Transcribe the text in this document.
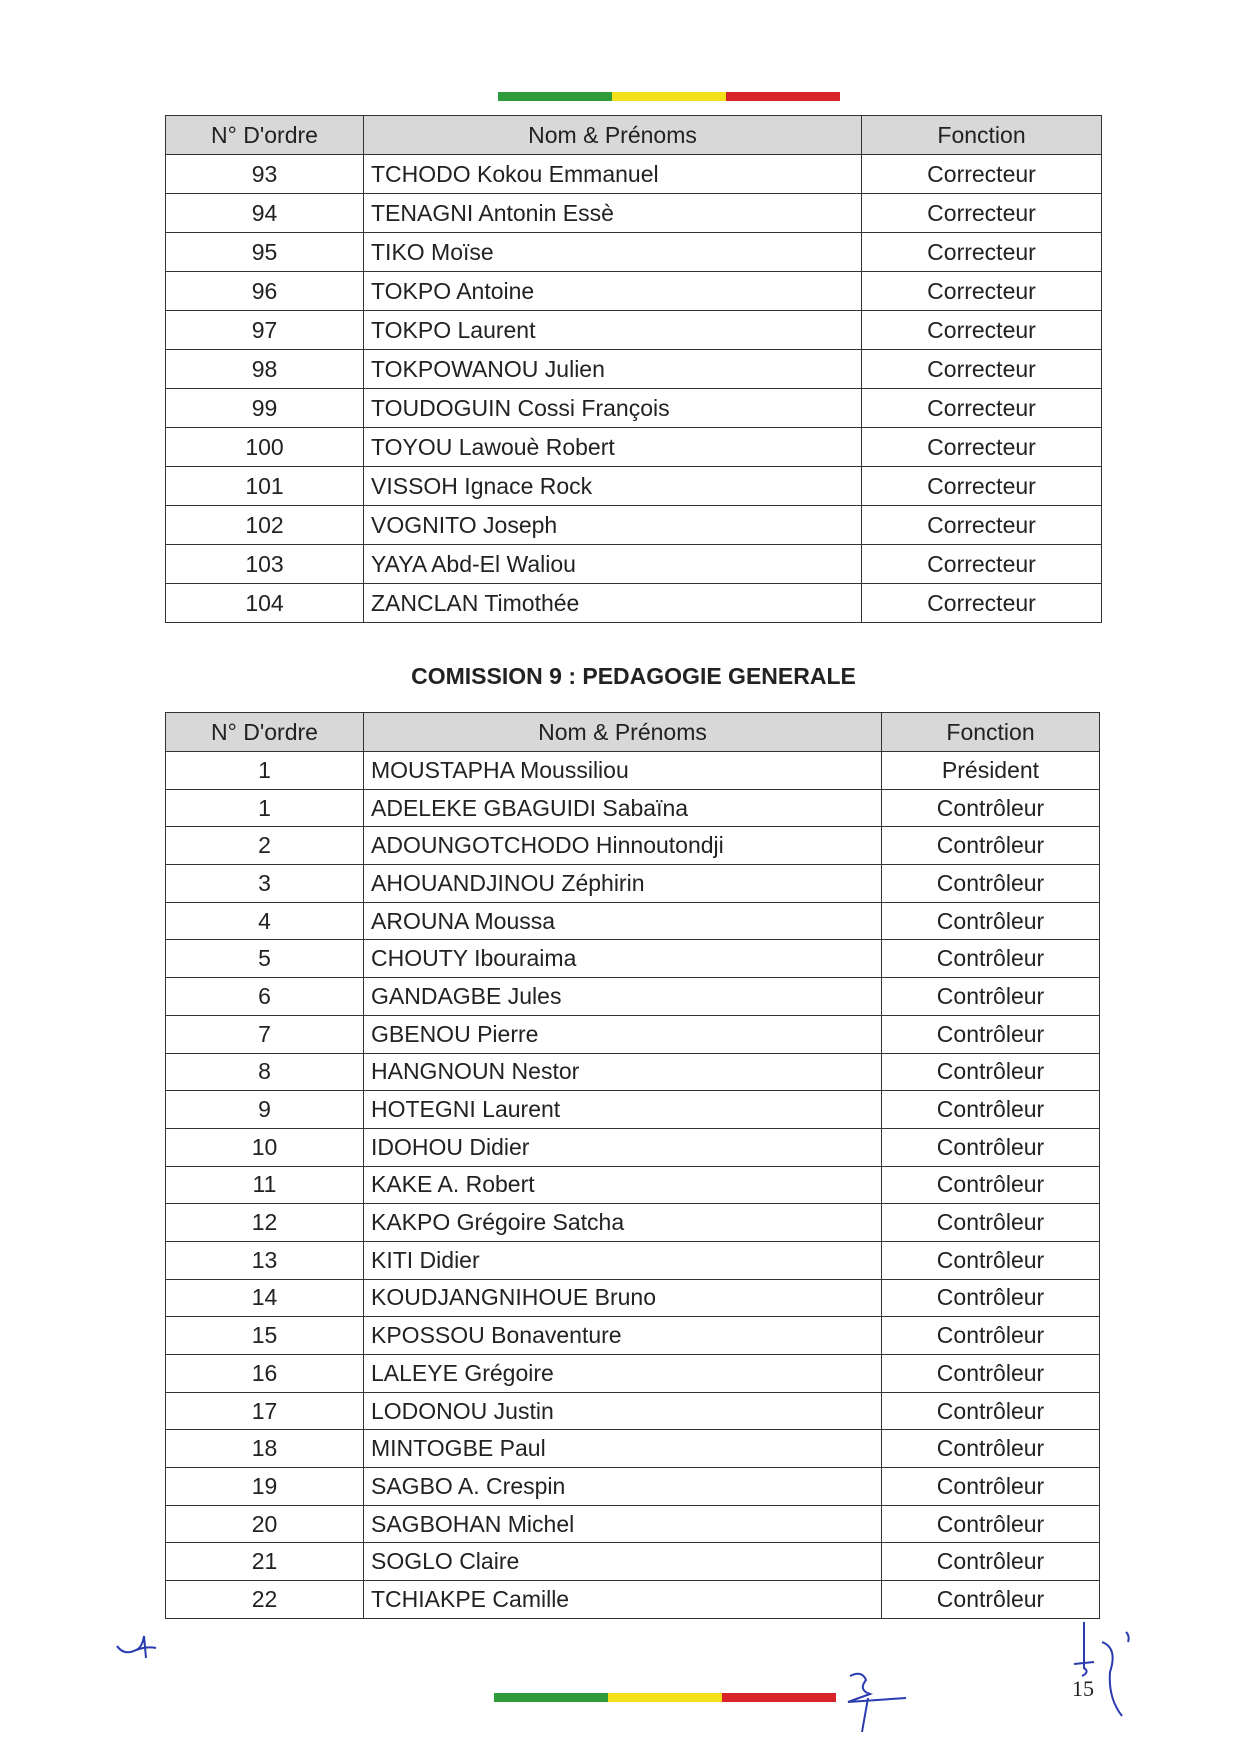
N° D'ordre	Nom & Prénoms	Fonction
93	TCHODO Kokou Emmanuel	Correcteur
94	TENAGNI Antonin Essè	Correcteur
95	TIKO Moïse	Correcteur
96	TOKPO Antoine	Correcteur
97	TOKPO Laurent	Correcteur
98	TOKPOWANOU Julien	Correcteur
99	TOUDOGUIN Cossi François	Correcteur
100	TOYOU Lawouè Robert	Correcteur
101	VISSOH Ignace Rock	Correcteur
102	VOGNITO Joseph	Correcteur
103	YAYA Abd-El Waliou	Correcteur
104	ZANCLAN Timothée	Correcteur
COMISSION 9 : PEDAGOGIE GENERALE
N° D'ordre	Nom & Prénoms	Fonction
1	MOUSTAPHA Moussiliou	Président
1	ADELEKE GBAGUIDI Sabaïna	Contrôleur
2	ADOUNGOTCHODO Hinnoutondji	Contrôleur
3	AHOUANDJINOU Zéphirin	Contrôleur
4	AROUNA Moussa	Contrôleur
5	CHOUTY Ibouraima	Contrôleur
6	GANDAGBE Jules	Contrôleur
7	GBENOU Pierre	Contrôleur
8	HANGNOUN Nestor	Contrôleur
9	HOTEGNI Laurent	Contrôleur
10	IDOHOU Didier	Contrôleur
11	KAKE A. Robert	Contrôleur
12	KAKPO Grégoire Satcha	Contrôleur
13	KITI Didier	Contrôleur
14	KOUDJANGNIHOUE Bruno	Contrôleur
15	KPOSSOU Bonaventure	Contrôleur
16	LALEYE Grégoire	Contrôleur
17	LODONOU Justin	Contrôleur
18	MINTOGBE Paul	Contrôleur
19	SAGBO A. Crespin	Contrôleur
20	SAGBOHAN Michel	Contrôleur
21	SOGLO Claire	Contrôleur
22	TCHIAKPE Camille	Contrôleur
15
